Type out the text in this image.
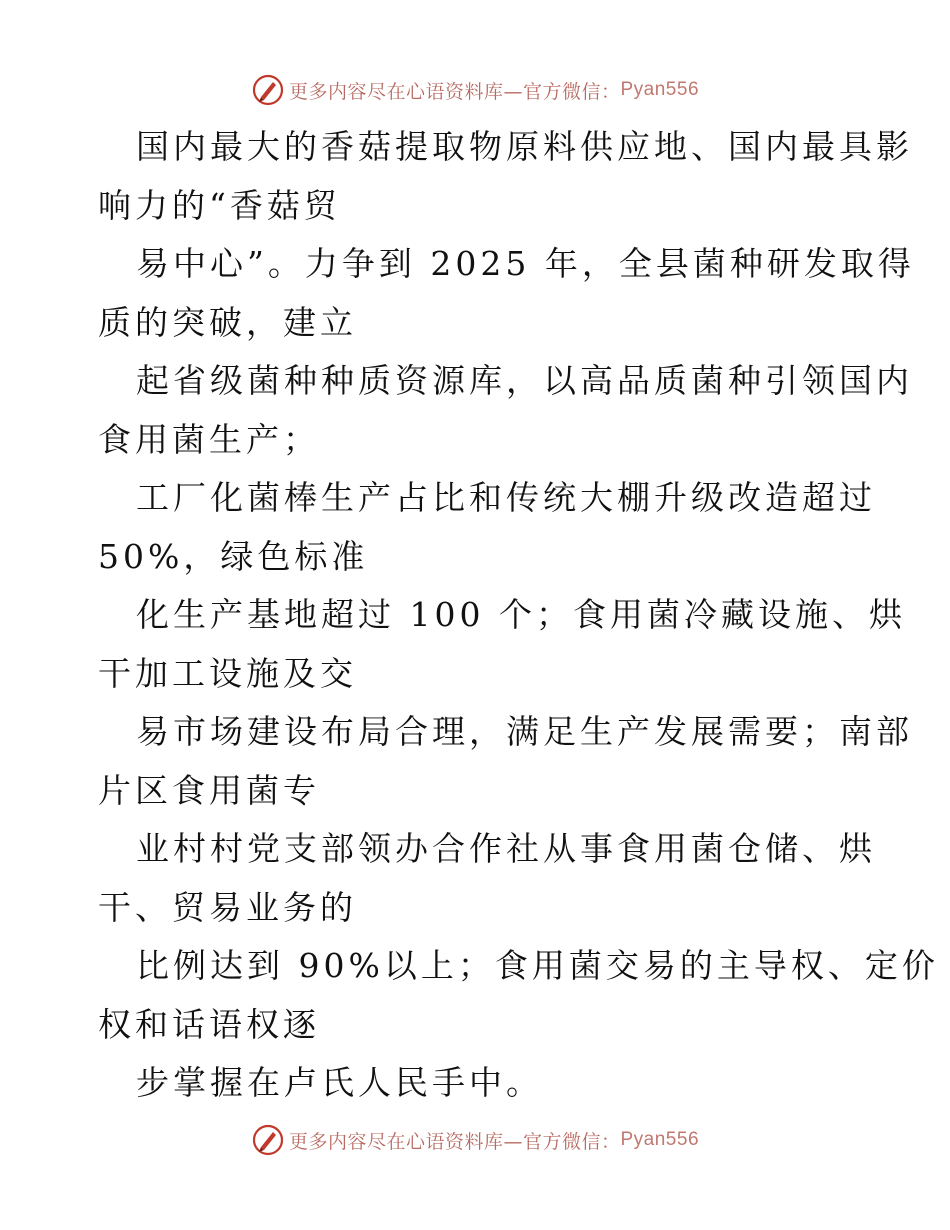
更多内容尽在心语资料库—官方微信： Pyan556
国内最大的香菇提取物原料供应地、国内最具影
响力的“香菇贸
易中心”。力争到 2025 年，全县菌种研发取得
质的突破，建立
起省级菌种种质资源库，以高品质菌种引领国内
食用菌生产；
工厂化菌棒生产占比和传统大棚升级改造超过
50%，绿色标准
化生产基地超过 100 个；食用菌冷藏设施、烘
干加工设施及交
易市场建设布局合理，满足生产发展需要；南部
片区食用菌专
业村村党支部领办合作社从事食用菌仓储、烘
干、贸易业务的
比例达到 90%以上；食用菌交易的主导权、定价
权和话语权逐
步掌握在卢氏人民手中。
更多内容尽在心语资料库—官方微信： Pyan556
